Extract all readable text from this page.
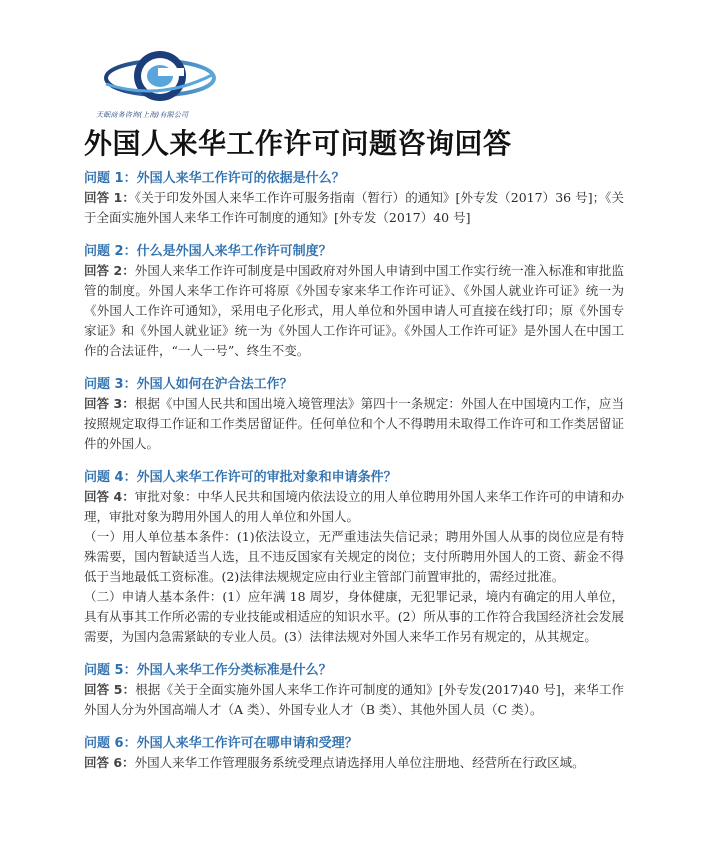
天眠商务咨询(上海)有限公司
外国人来华工作许可问题咨询回答
问题 1：外国人来华工作许可的依据是什么？
回答 1：《关于印发外国人来华工作许可服务指南（暂行）的通知》[外专发（2017）36 号]；《关于全面实施外国人来华工作许可制度的通知》[外专发（2017）40 号]
问题 2：什么是外国人来华工作许可制度？
回答 2：外国人来华工作许可制度是中国政府对外国人申请到中国工作实行统一准入标准和审批监管的制度。外国人来华工作许可将原《外国专家来华工作许可证》、《外国人就业许可证》统一为《外国人工作许可通知》，采用电子化形式，用人单位和外国申请人可直接在线打印；原《外国专家证》和《外国人就业证》统一为《外国人工作许可证》。《外国人工作许可证》是外国人在中国工作的合法证件，“一人一号”、终生不变。
问题 3：外国人如何在沪合法工作？
回答 3：根据《中国人民共和国出境入境管理法》第四十一条规定：外国人在中国境内工作，应当按照规定取得工作证和工作类居留证件。任何单位和个人不得聘用未取得工作许可和工作类居留证件的外国人。
问题 4：外国人来华工作许可的审批对象和申请条件？

回答 4：审批对象：中华人民共和国境内依法设立的用人单位聘用外国人来华工作许可的申请和办理，审批对象为聘用外国人的用人单位和外国人。

（一）用人单位基本条件：(1)依法设立，无严重违法失信记录；聘用外国人从事的岗位应是有特殊需要，国内暂缺适当人选，且不违反国家有关规定的岗位；支付所聘用外国人的工资、薪金不得低于当地最低工资标准。(2)法律法规规定应由行业主管部门前置审批的，需经过批准。

（二）申请人基本条件：(1）应年满 18 周岁，身体健康，无犯罪记录，境内有确定的用人单位，具有从事其工作所必需的专业技能或相适应的知识水平。(2）所从事的工作符合我国经济社会发展需要，为国内急需紧缺的专业人员。(3）法律法规对外国人来华工作另有规定的，从其规定。

问题 5：外国人来华工作分类标准是什么？
回答 5：根据《关于全面实施外国人来华工作许可制度的通知》[外专发(2017)40 号]，来华工作外国人分为外国高端人才（A 类）、外国专业人才（B 类）、其他外国人员（C 类）。
问题 6：外国人来华工作许可在哪申请和受理？
回答 6：外国人来华工作管理服务系统受理点请选择用人单位注册地、经营所在行政区域。
